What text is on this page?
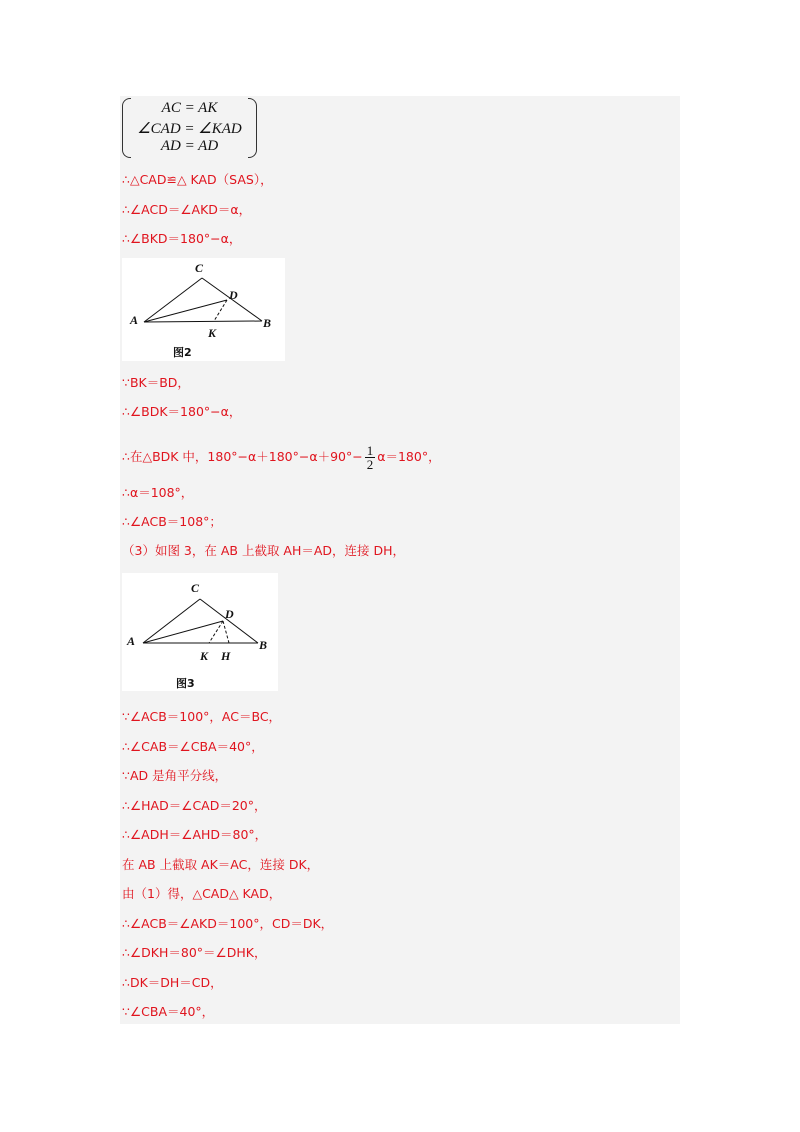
AC = AK
∠CAD = ∠KAD
AD = AD
∴△CAD≌△ KAD（SAS），
∴∠ACD＝∠AKD＝α，
∴∠BKD＝180°−α，
C
D
A	B
K
图2
∵BK＝BD，
∴∠BDK＝180°−α，
∴在△BDK 中，$180^\circ-\alpha+180^\circ-\alpha+90^\circ- \frac{1}{2} \alpha=180^\circ$，
∴α＝108°，
∴∠ACB＝108°；
（3）如图 3，在 AB 上截取 AH＝AD，连接 DH，
C
D
A	B
K H
图3
∵∠ACB＝100°，AC＝BC，
∴∠CAB＝∠CBA＝40°，
∵AD 是角平分线，
∴∠HAD＝∠CAD＝20°，
∴∠ADH＝∠AHD＝80°，
在 AB 上截取 AK＝AC，连接 DK，
由（1）得，△CAD△ KAD，
∴∠ACB＝∠AKD＝100°，CD＝DK，
∴∠DKH＝80°＝∠DHK，
∴DK＝DH＝CD，
∵∠CBA＝40°，
